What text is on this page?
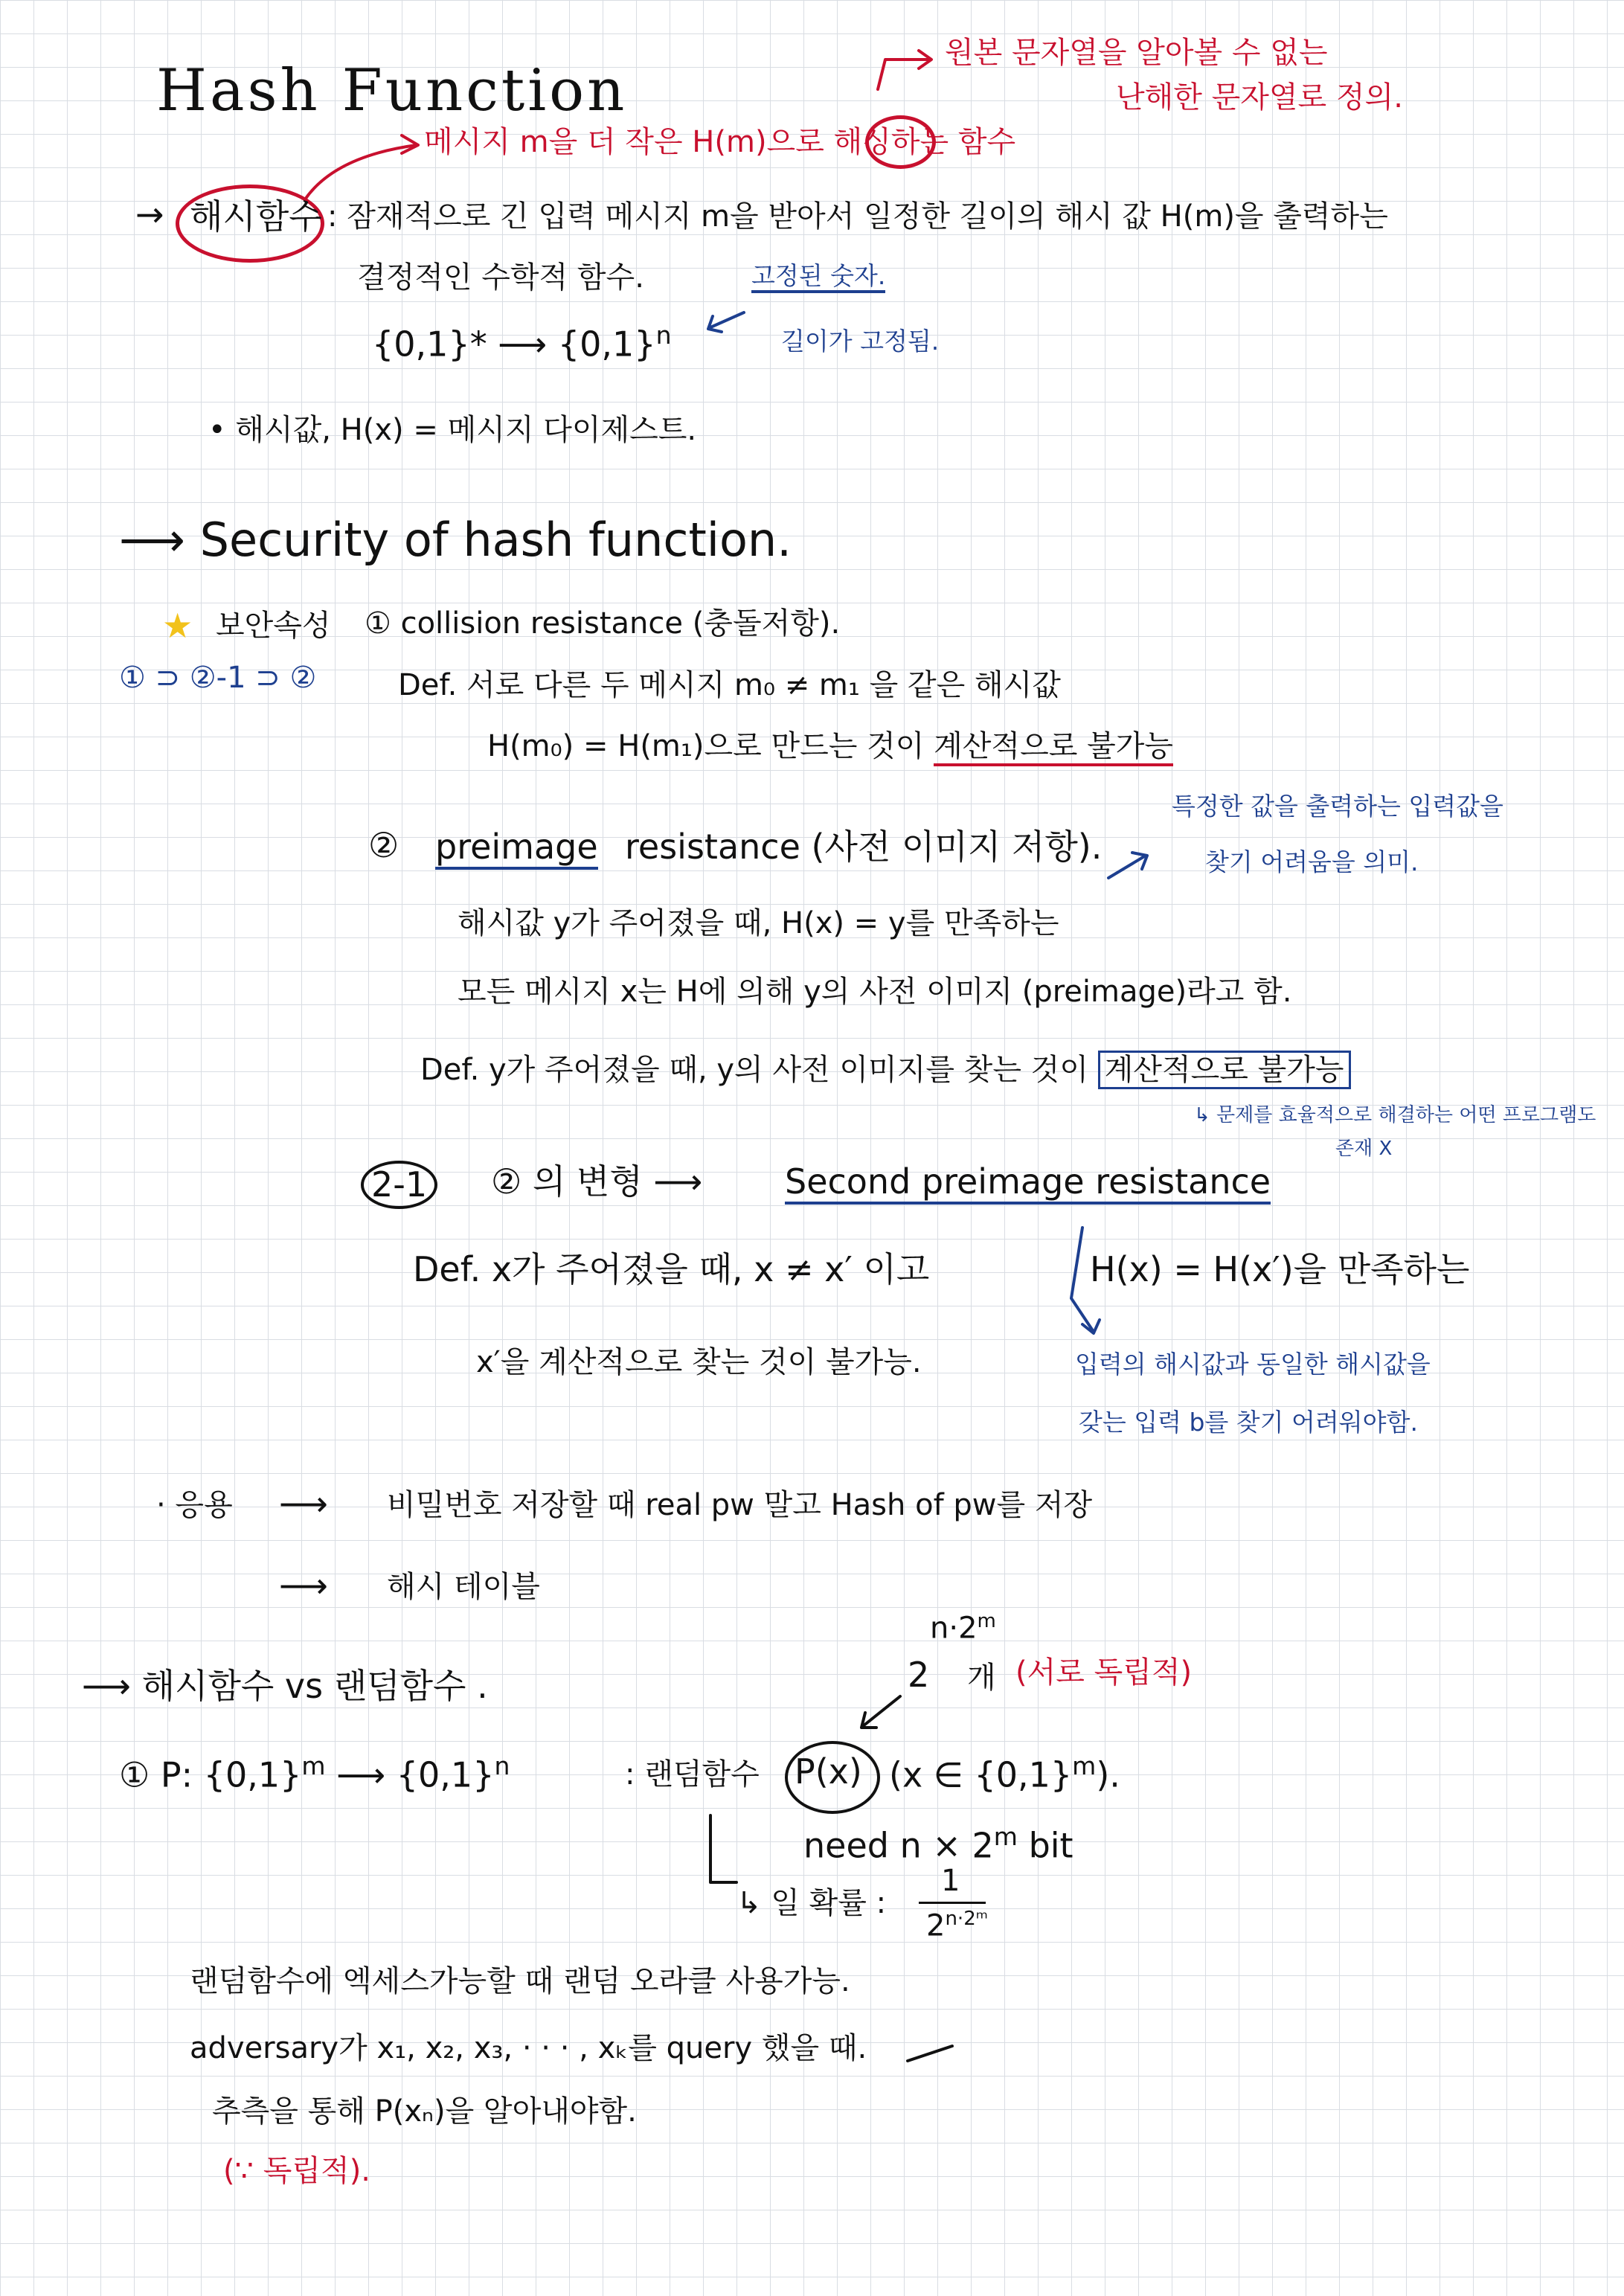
Hash Function
원본 문자열을 알아볼 수 없는
난해한 문자열로 정의.
메시지 m을 더 작은 H(m)으로 해싱하는 함수
→ 해시함수 : 잠재적으로 긴 입력 메시지 m을 받아서 일정한 길이의 해시 값 H(m)을 출력하는
결정적인 수학적 함수.
{0,1}* ⟶ $\{0,1\}^n$
고정된 숫자.
길이가 고정됨.
• 해시값, H(x) = 메시지 다이제스트.
⟶ Security of hash function.
★ 보안속성
① ⊃ ②-1 ⊃ ②
① collision resistance (충돌저항).
Def. 서로 다른 두 메시지 m₀ ≠ m₁ 을 같은 해시값
H(m₀) = H(m₁)으로 만드는 것이 계산적으로 불가능
② preimage resistance (사전 이미지 저항).
특정한 값을 출력하는 입력값을
찾기 어려움을 의미.
해시값 y가 주어졌을 때, H(x) = y를 만족하는
모든 메시지 x는 H에 의해 y의 사전 이미지 (preimage)라고 함.
Def. y가 주어졌을 때, y의 사전 이미지를 찾는 것이 계산적으로 불가능
↳ 문제를 효율적으로 해결하는 어떤 프로그램도
존재 X
2-1	② 의 변형 ⟶ Second preimage resistance
Def. x가 주어졌을 때, x ≠ x′ 이고	H(x) = H(x′)을 만족하는
x′을 계산적으로 찾는 것이 불가능.	입력의 해시값과 동일한 해시값을
갖는 입력 b를 찾기 어려워야함.
· 응용 ⟶ 비밀번호 저장할 때 real pw 말고 Hash of pw를 저장
⟶ 해시 테이블
⟶ 해시함수 vs 랜덤함수 .
$n\cdot 2^m$
2 개 (서로 독립적)
① P: $\{0,1\}^m$ ⟶ $\{0,1\}^n$	: 랜덤함수 P(x) (x ∈ $\{0,1\}^m$).
need $n \times 2^m$ bit
↳ 일 확률 :
1
$2^{n\cdot 2ᵐ}$
랜덤함수에 엑세스가능할 때 랜덤 오라클 사용가능.
adversary가 x₁, x₂, x₃, · · · , xₖ를 query 했을 때.
추측을 통해 P(xₙ)을 알아내야함.
(∵ 독립적).
